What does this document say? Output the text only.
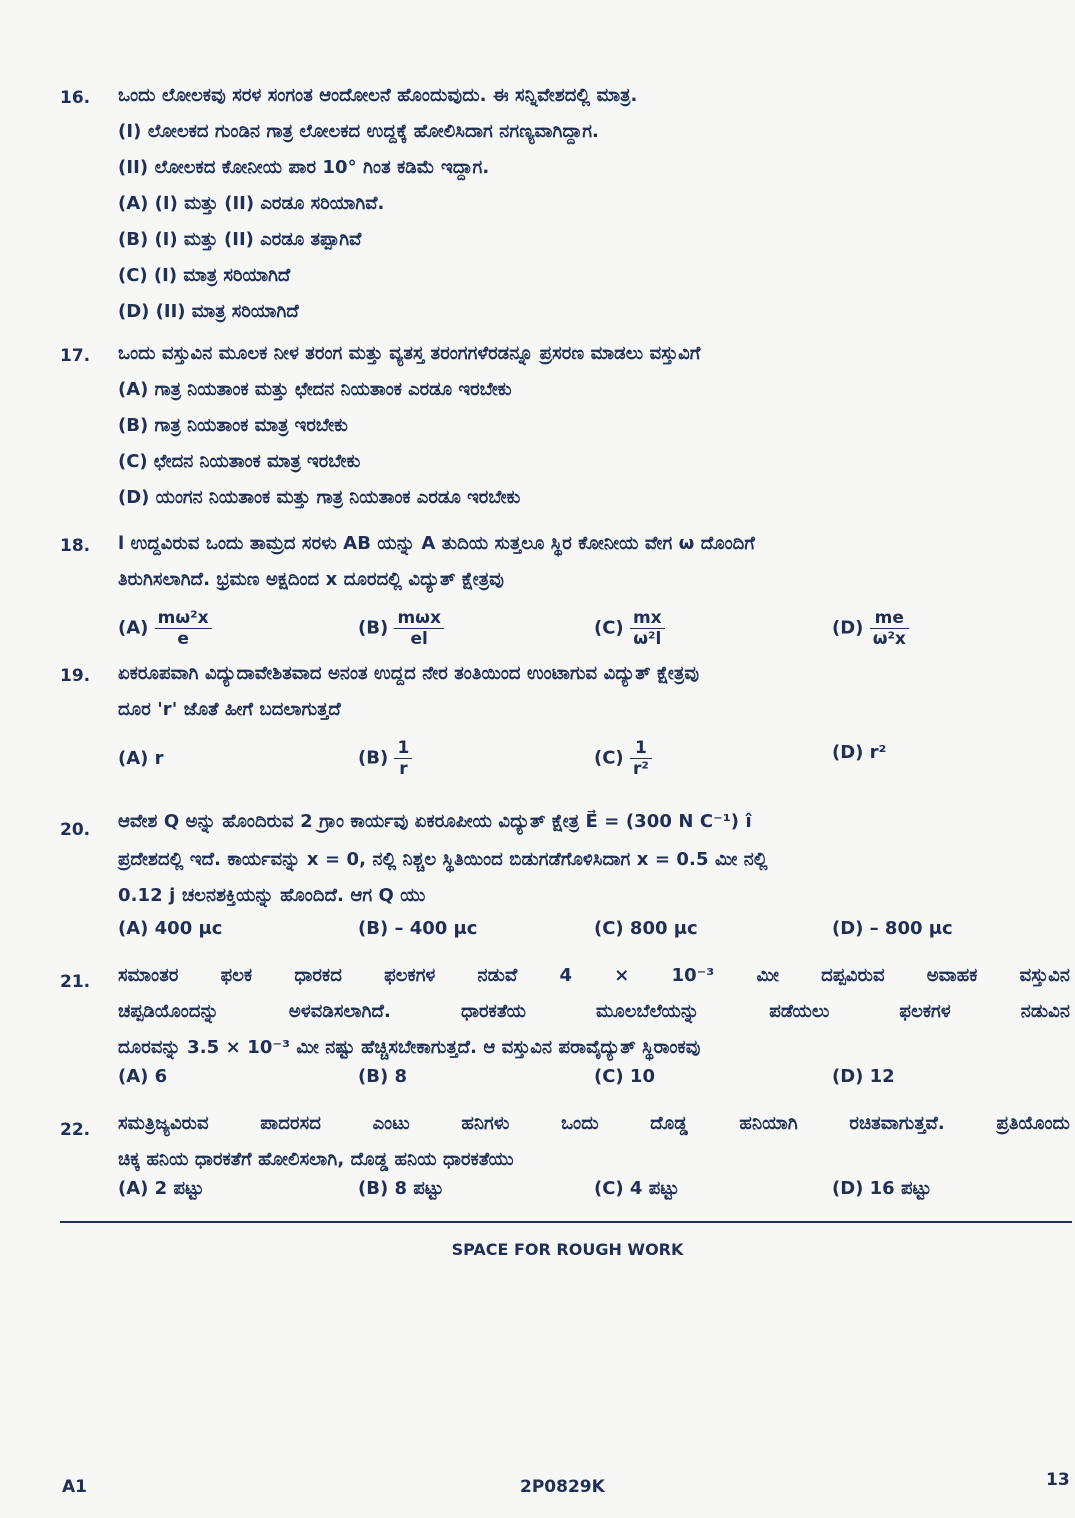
16. ಒಂದು ಲೋಲಕವು ಸರಳ ಸಂಗಂತ ಆಂದೋಲನೆ ಹೊಂದುವುದು. ಈ ಸನ್ನಿವೇಶದಲ್ಲಿ ಮಾತ್ರ.
(I) ಲೋಲಕದ ಗುಂಡಿನ ಗಾತ್ರ ಲೋಲಕದ ಉದ್ದಕ್ಕೆ ಹೋಲಿಸಿದಾಗ ನಗಣ್ಯವಾಗಿದ್ದಾಗ.
(II) ಲೋಲಕದ ಕೋನೀಯ ಪಾರ 10° ಗಿಂತ ಕಡಿಮೆ ಇದ್ದಾಗ.
(A) (I) ಮತ್ತು (II) ಎರಡೂ ಸರಿಯಾಗಿವೆ.
(B) (I) ಮತ್ತು (II) ಎರಡೂ ತಪ್ಪಾಗಿವೆ
(C) (I) ಮಾತ್ರ ಸರಿಯಾಗಿದೆ
(D) (II) ಮಾತ್ರ ಸರಿಯಾಗಿದೆ
17. ಒಂದು ವಸ್ತುವಿನ ಮೂಲಕ ನೀಳ ತರಂಗ ಮತ್ತು ವ್ಯತಸ್ತ ತರಂಗಗಳೆರಡನ್ನೂ ಪ್ರಸರಣ ಮಾಡಲು ವಸ್ತುವಿಗೆ
(A) ಗಾತ್ರ ನಿಯತಾಂಕ ಮತ್ತು ಛೇದನ ನಿಯತಾಂಕ ಎರಡೂ ಇರಬೇಕು
(B) ಗಾತ್ರ ನಿಯತಾಂಕ ಮಾತ್ರ ಇರಬೇಕು
(C) ಛೇದನ ನಿಯತಾಂಕ ಮಾತ್ರ ಇರಬೇಕು
(D) ಯಂಗನ ನಿಯತಾಂಕ ಮತ್ತು ಗಾತ್ರ ನಿಯತಾಂಕ ಎರಡೂ ಇರಬೇಕು
18. l ಉದ್ದವಿರುವ ಒಂದು ತಾಮ್ರದ ಸರಳು AB ಯನ್ನು A ತುದಿಯ ಸುತ್ತಲೂ ಸ್ಥಿರ ಕೋನೀಯ ವೇಗ ω ದೊಂದಿಗೆ
ತಿರುಗಿಸಲಾಗಿದೆ. ಭ್ರಮಣ ಅಕ್ಷದಿಂದ x ದೂರದಲ್ಲಿ ವಿದ್ಯುತ್ ಕ್ಷೇತ್ರವು
$(A) \frac{\text{mω²x}}{e}$	$(B) \frac{\text{mωx}}{el}$	$(C) \frac{mx}{\text{ω²l}}$	$(D) \frac{me}{\text{ω²x}}$
19. ಏಕರೂಪವಾಗಿ ವಿದ್ಯುದಾವೇಶಿತವಾದ ಅನಂತ ಉದ್ದದ ನೇರ ತಂತಿಯಿಂದ ಉಂಟಾಗುವ ವಿದ್ಯುತ್ ಕ್ಷೇತ್ರವು
ದೂರ 'r' ಜೊತೆ ಹೀಗೆ ಬದಲಾಗುತ್ತದೆ
(A) r	$(B) \frac{1}{r}$	$(C) \frac{1}{\text{r²}}$	(D) r²
20. ಆವೇಶ Q ಅನ್ನು ಹೊಂದಿರುವ 2 ಗ್ರಾಂ ಕಾರ್ಯವು ಏಕರೂಪೀಯ ವಿದ್ಯುತ್ ಕ್ಷೇತ್ರ E⃗ = (300 N C⁻¹) î
ಪ್ರದೇಶದಲ್ಲಿ ಇದೆ. ಕಾರ್ಯವನ್ನು x = 0, ನಲ್ಲಿ ನಿಶ್ಚಲ ಸ್ಥಿತಿಯಿಂದ ಬಿಡುಗಡೆಗೊಳಿಸಿದಾಗ x = 0.5 ಮೀ ನಲ್ಲಿ
0.12 j ಚಲನಶಕ್ತಿಯನ್ನು ಹೊಂದಿದೆ. ಆಗ Q ಯು
(A) 400 μc	(B) – 400 μc	(C) 800 μc	(D) – 800 μc
21. ಸಮಾಂತರ ಫಲಕ ಧಾರಕದ ಫಲಕಗಳ ನಡುವೆ 4 × 10⁻³ ಮೀ ದಪ್ಪವಿರುವ ಅವಾಹಕ ವಸ್ತುವಿನ
ಚಪ್ಪಡಿಯೊಂದನ್ನು ಅಳವಡಿಸಲಾಗಿದೆ. ಧಾರಕತೆಯ ಮೂಲಬೆಲೆಯನ್ನು ಪಡೆಯಲು ಫಲಕಗಳ ನಡುವಿನ
ದೂರವನ್ನು 3.5 × 10⁻³ ಮೀ ನಷ್ಟು ಹೆಚ್ಚಿಸಬೇಕಾಗುತ್ತದೆ. ಆ ವಸ್ತುವಿನ ಪರಾವೈದ್ಯುತ್ ಸ್ಥಿರಾಂಕವು
(A) 6	(B) 8	(C) 10	(D) 12
22. ಸಮತ್ರಿಜ್ಯವಿರುವ ಪಾದರಸದ ಎಂಟು ಹನಿಗಳು ಒಂದು ದೊಡ್ಡ ಹನಿಯಾಗಿ ರಚಿತವಾಗುತ್ತವೆ. ಪ್ರತಿಯೊಂದು
ಚಿಕ್ಕ ಹನಿಯ ಧಾರಕತೆಗೆ ಹೋಲಿಸಲಾಗಿ, ದೊಡ್ಡ ಹನಿಯ ಧಾರಕತೆಯು
(A) 2 ಪಟ್ಟು	(B) 8 ಪಟ್ಟು	(C) 4 ಪಟ್ಟು	(D) 16 ಪಟ್ಟು
SPACE FOR ROUGH WORK
A1	2P0829K	13
